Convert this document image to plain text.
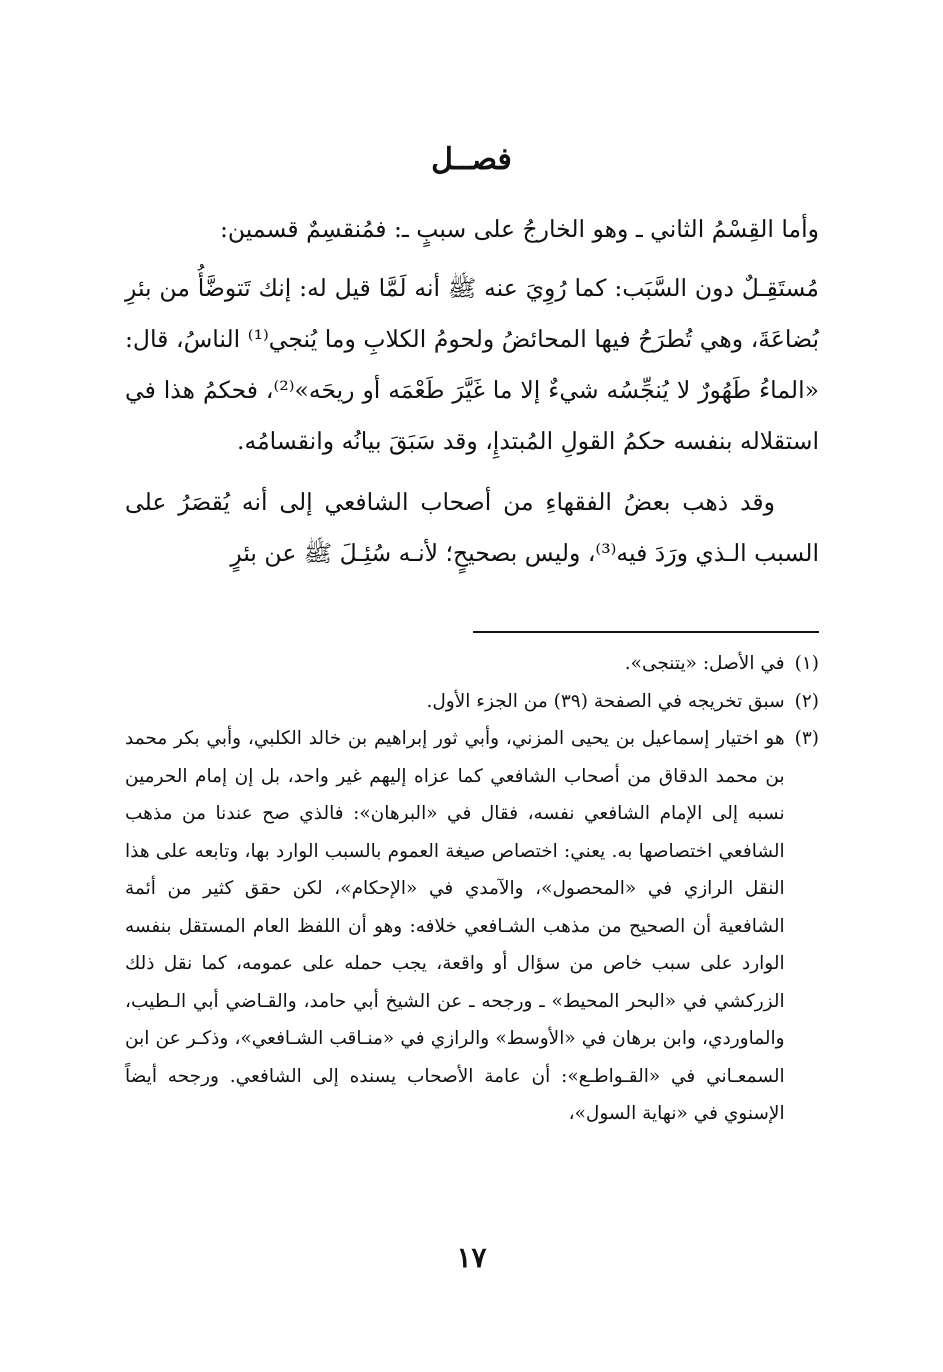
فصــل

وأما القِسْمُ الثاني ـ وهو الخارجُ على سببٍ ـ: فمُنقسِمٌ قسمين:

مُستَقِـلٌ دون السَّبَب: كما رُوِيَ عنه ﷺ أنه لَمَّا قيل له: إنك تَتوضَّأُ من بئرِ بُضاعَةَ، وهي تُطرَحُ فيها المحائضُ ولحومُ الكلابِ وما يُنجي⁽¹⁾ الناسُ، قال: «الماءُ طَهُورٌ لا يُنجِّسُه شيءٌ إلا ما غَيَّرَ طَعْمَه أو ريحَه»⁽²⁾، فحكمُ هذا في استقلاله بنفسه حكمُ القولِ المُبتدإِ، وقد سَبَقَ بيانُه وانقسامُه.

وقد ذهب بعضُ الفقهاءِ من أصحاب الشافعي إلى أنه يُقصَرُ على السبب الـذي ورَدَ فيه⁽³⁾، وليس بصحيحٍ؛ لأنـه سُئِـلَ ﷺ عن بئرٍ

(١)
في الأصل: «يتنجى».
(٢)
سبق تخريجه في الصفحة (٣٩) من الجزء الأول.
(٣)
هو اختيار إسماعيل بن يحيى المزني، وأبي ثور إبراهيم بن خالد الكلبي، وأبي بكر محمد بن محمد الدقاق من أصحاب الشافعي كما عزاه إليهم غير واحد، بل إن إمام الحرمين نسبه إلى الإمام الشافعي نفسه، فقال في «البرهان»: فالذي صح عندنا من مذهب الشافعي اختصاصها به. يعني: اختصاص صيغة العموم بالسبب الوارد بها، وتابعه على هذا النقل الرازي في «المحصول»، والآمدي في «الإحكام»، لكن حقق كثير من أئمة الشافعية أن الصحيح من مذهب الشـافعي خلافه: وهو أن اللفظ العام المستقل بنفسه الوارد على سبب خاص من سؤال أو واقعة، يجب حمله على عمومه، كما نقل ذلك الزركشي في «البحر المحيط» ـ ورجحه ـ عن الشيخ أبي حامد، والقـاضي أبي الـطيب، والماوردي، وابن برهان في «الأوسط» والرازي في «منـاقب الشـافعي»، وذكـر عن ابن السمعـاني في «القـواطـع»: أن عامة الأصحاب يسنده إلى الشافعي. ورجحه أيضاً الإسنوي في «نهاية السول»،
١٧
